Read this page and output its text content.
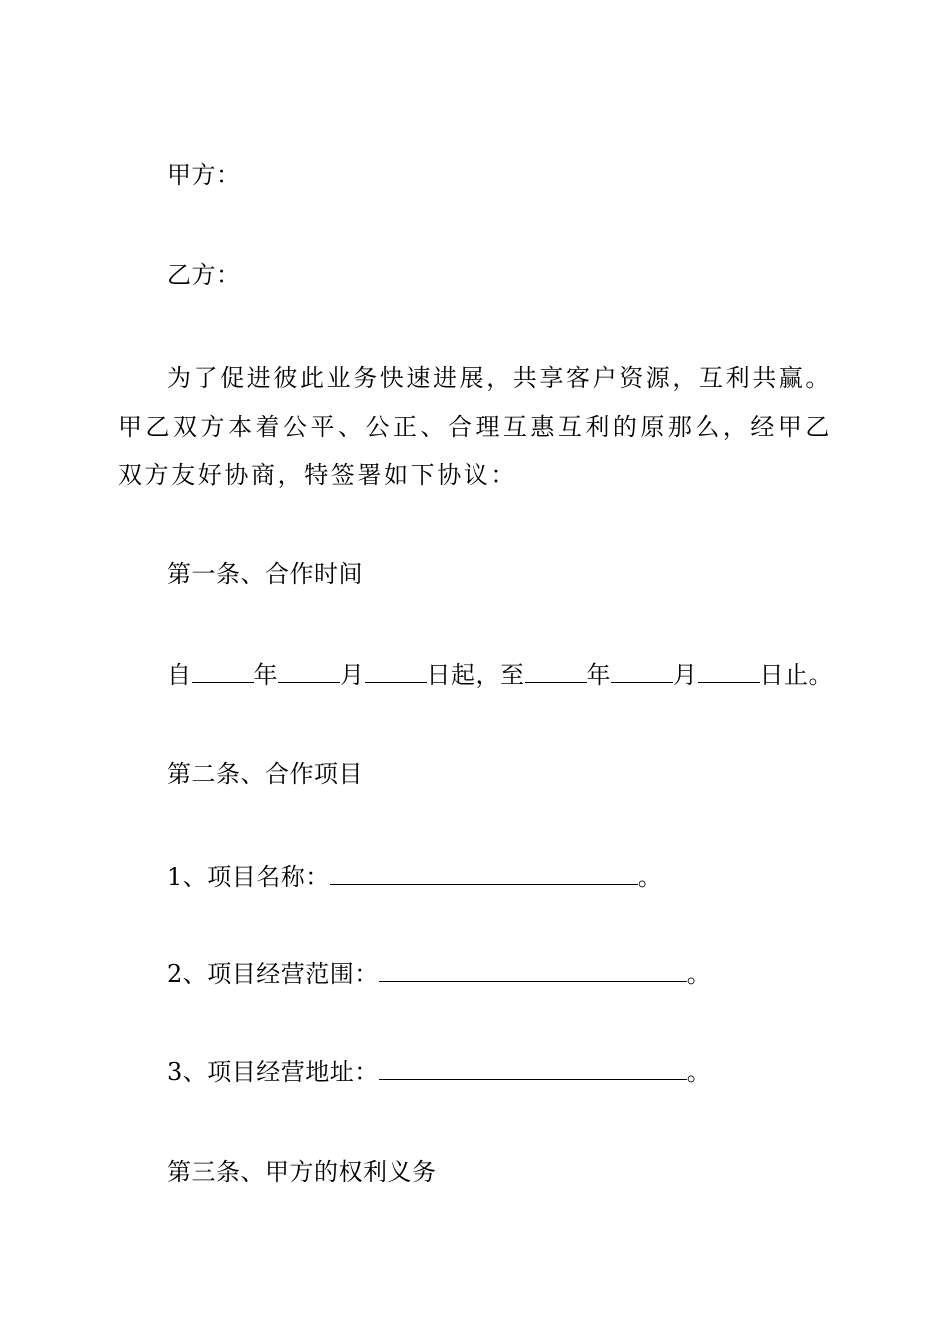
甲方：
乙方：
为了促进彼此业务快速进展，共享客户资源，互利共赢。甲乙双方本着公平、公正、合理互惠互利的原那么，经甲乙双方友好协商，特签署如下协议：
第一条、合作时间
自	年	月	日起，至	年	月	日止。
第二条、合作项目
1、项目名称：	。
2、项目经营范围：	。
3、项目经营地址：	。
第三条、甲方的权利义务
